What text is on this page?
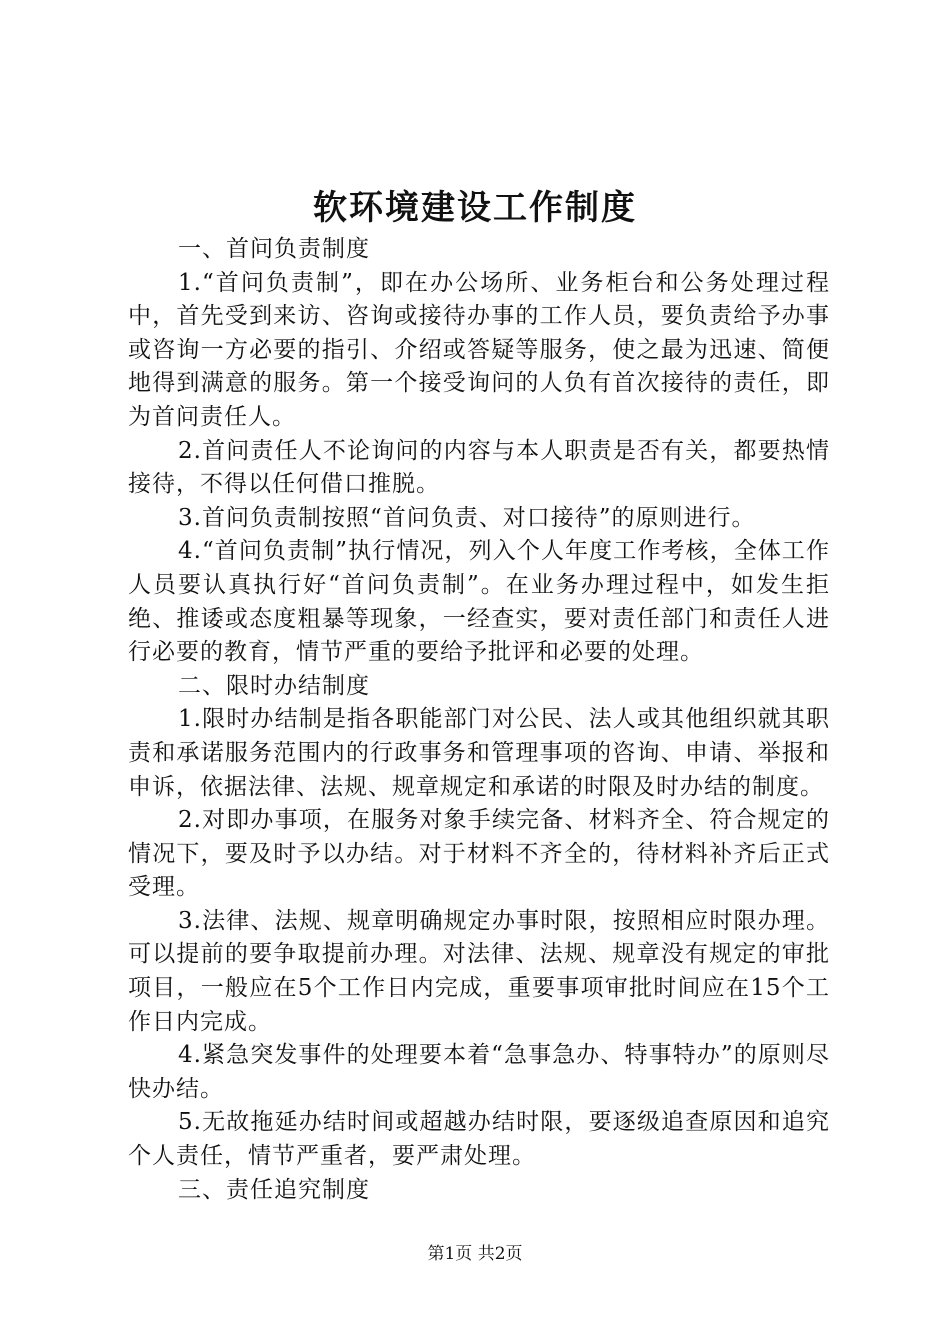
软环境建设工作制度

一、首问负责制度

1.“首问负责制”，即在办公场所、业务柜台和公务处理过程中，首先受到来访、咨询或接待办事的工作人员，要负责给予办事或咨询一方必要的指引、介绍或答疑等服务，使之最为迅速、简便地得到满意的服务。第一个接受询问的人负有首次接待的责任，即为首问责任人。

2.首问责任人不论询问的内容与本人职责是否有关，都要热情接待，不得以任何借口推脱。

3.首问负责制按照“首问负责、对口接待”的原则进行。

4.“首问负责制”执行情况，列入个人年度工作考核，全体工作人员要认真执行好“首问负责制”。在业务办理过程中，如发生拒绝、推诿或态度粗暴等现象，一经查实，要对责任部门和责任人进行必要的教育，情节严重的要给予批评和必要的处理。

二、限时办结制度

1.限时办结制是指各职能部门对公民、法人或其他组织就其职责和承诺服务范围内的行政事务和管理事项的咨询、申请、举报和申诉，依据法律、法规、规章规定和承诺的时限及时办结的制度。

2.对即办事项，在服务对象手续完备、材料齐全、符合规定的情况下，要及时予以办结。对于材料不齐全的，待材料补齐后正式受理。

3.法律、法规、规章明确规定办事时限，按照相应时限办理。可以提前的要争取提前办理。对法律、法规、规章没有规定的审批项目，一般应在5个工作日内完成，重要事项审批时间应在15个工作日内完成。

4.紧急突发事件的处理要本着“急事急办、特事特办”的原则尽快办结。

5.无故拖延办结时间或超越办结时限，要逐级追查原因和追究个人责任，情节严重者，要严肃处理。

三、责任追究制度

第1页 共2页
